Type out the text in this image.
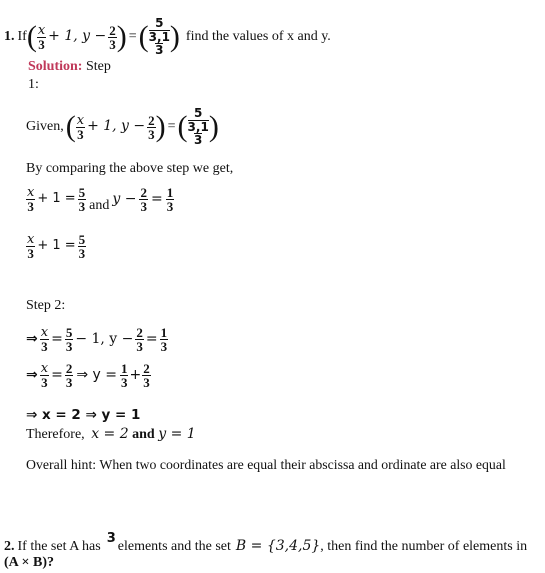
1. If ( $\frac{x}{3} + 1$, $y - \frac{2}{3}$ ) = ( 5
3,1
3 ) find the values of x and y.
Solution: Step
1:
Given, ( $\frac{x}{3} + 1$, $y - \frac{2}{3}$ ) = ( 5
3,1
3 )
By comparing the above step we get,
$\frac{x}{3} + 1 = \frac{5}{3}$ and $y - \frac{2}{3} = \frac{1}{3}$
$\frac{x}{3} + 1 = \frac{5}{3}$
Step 2:
⇒ $\frac{x}{3} = \frac{5}{3} - 1$, $y - \frac{2}{3} = \frac{1}{3}$
⇒ $\frac{x}{3} = \frac{2}{3}$ ⇒ $y = \frac{1}{3} + \frac{2}{3}$
⇒ x = 2 ⇒ y = 1
Therefore, x = 2 and y = 1
Overall hint: When two coordinates are equal their abscissa and ordinate are also equal
2. If the set A has
3
elements and the set B = {3,4,5} , then find the number of elements in
(A × B)?
